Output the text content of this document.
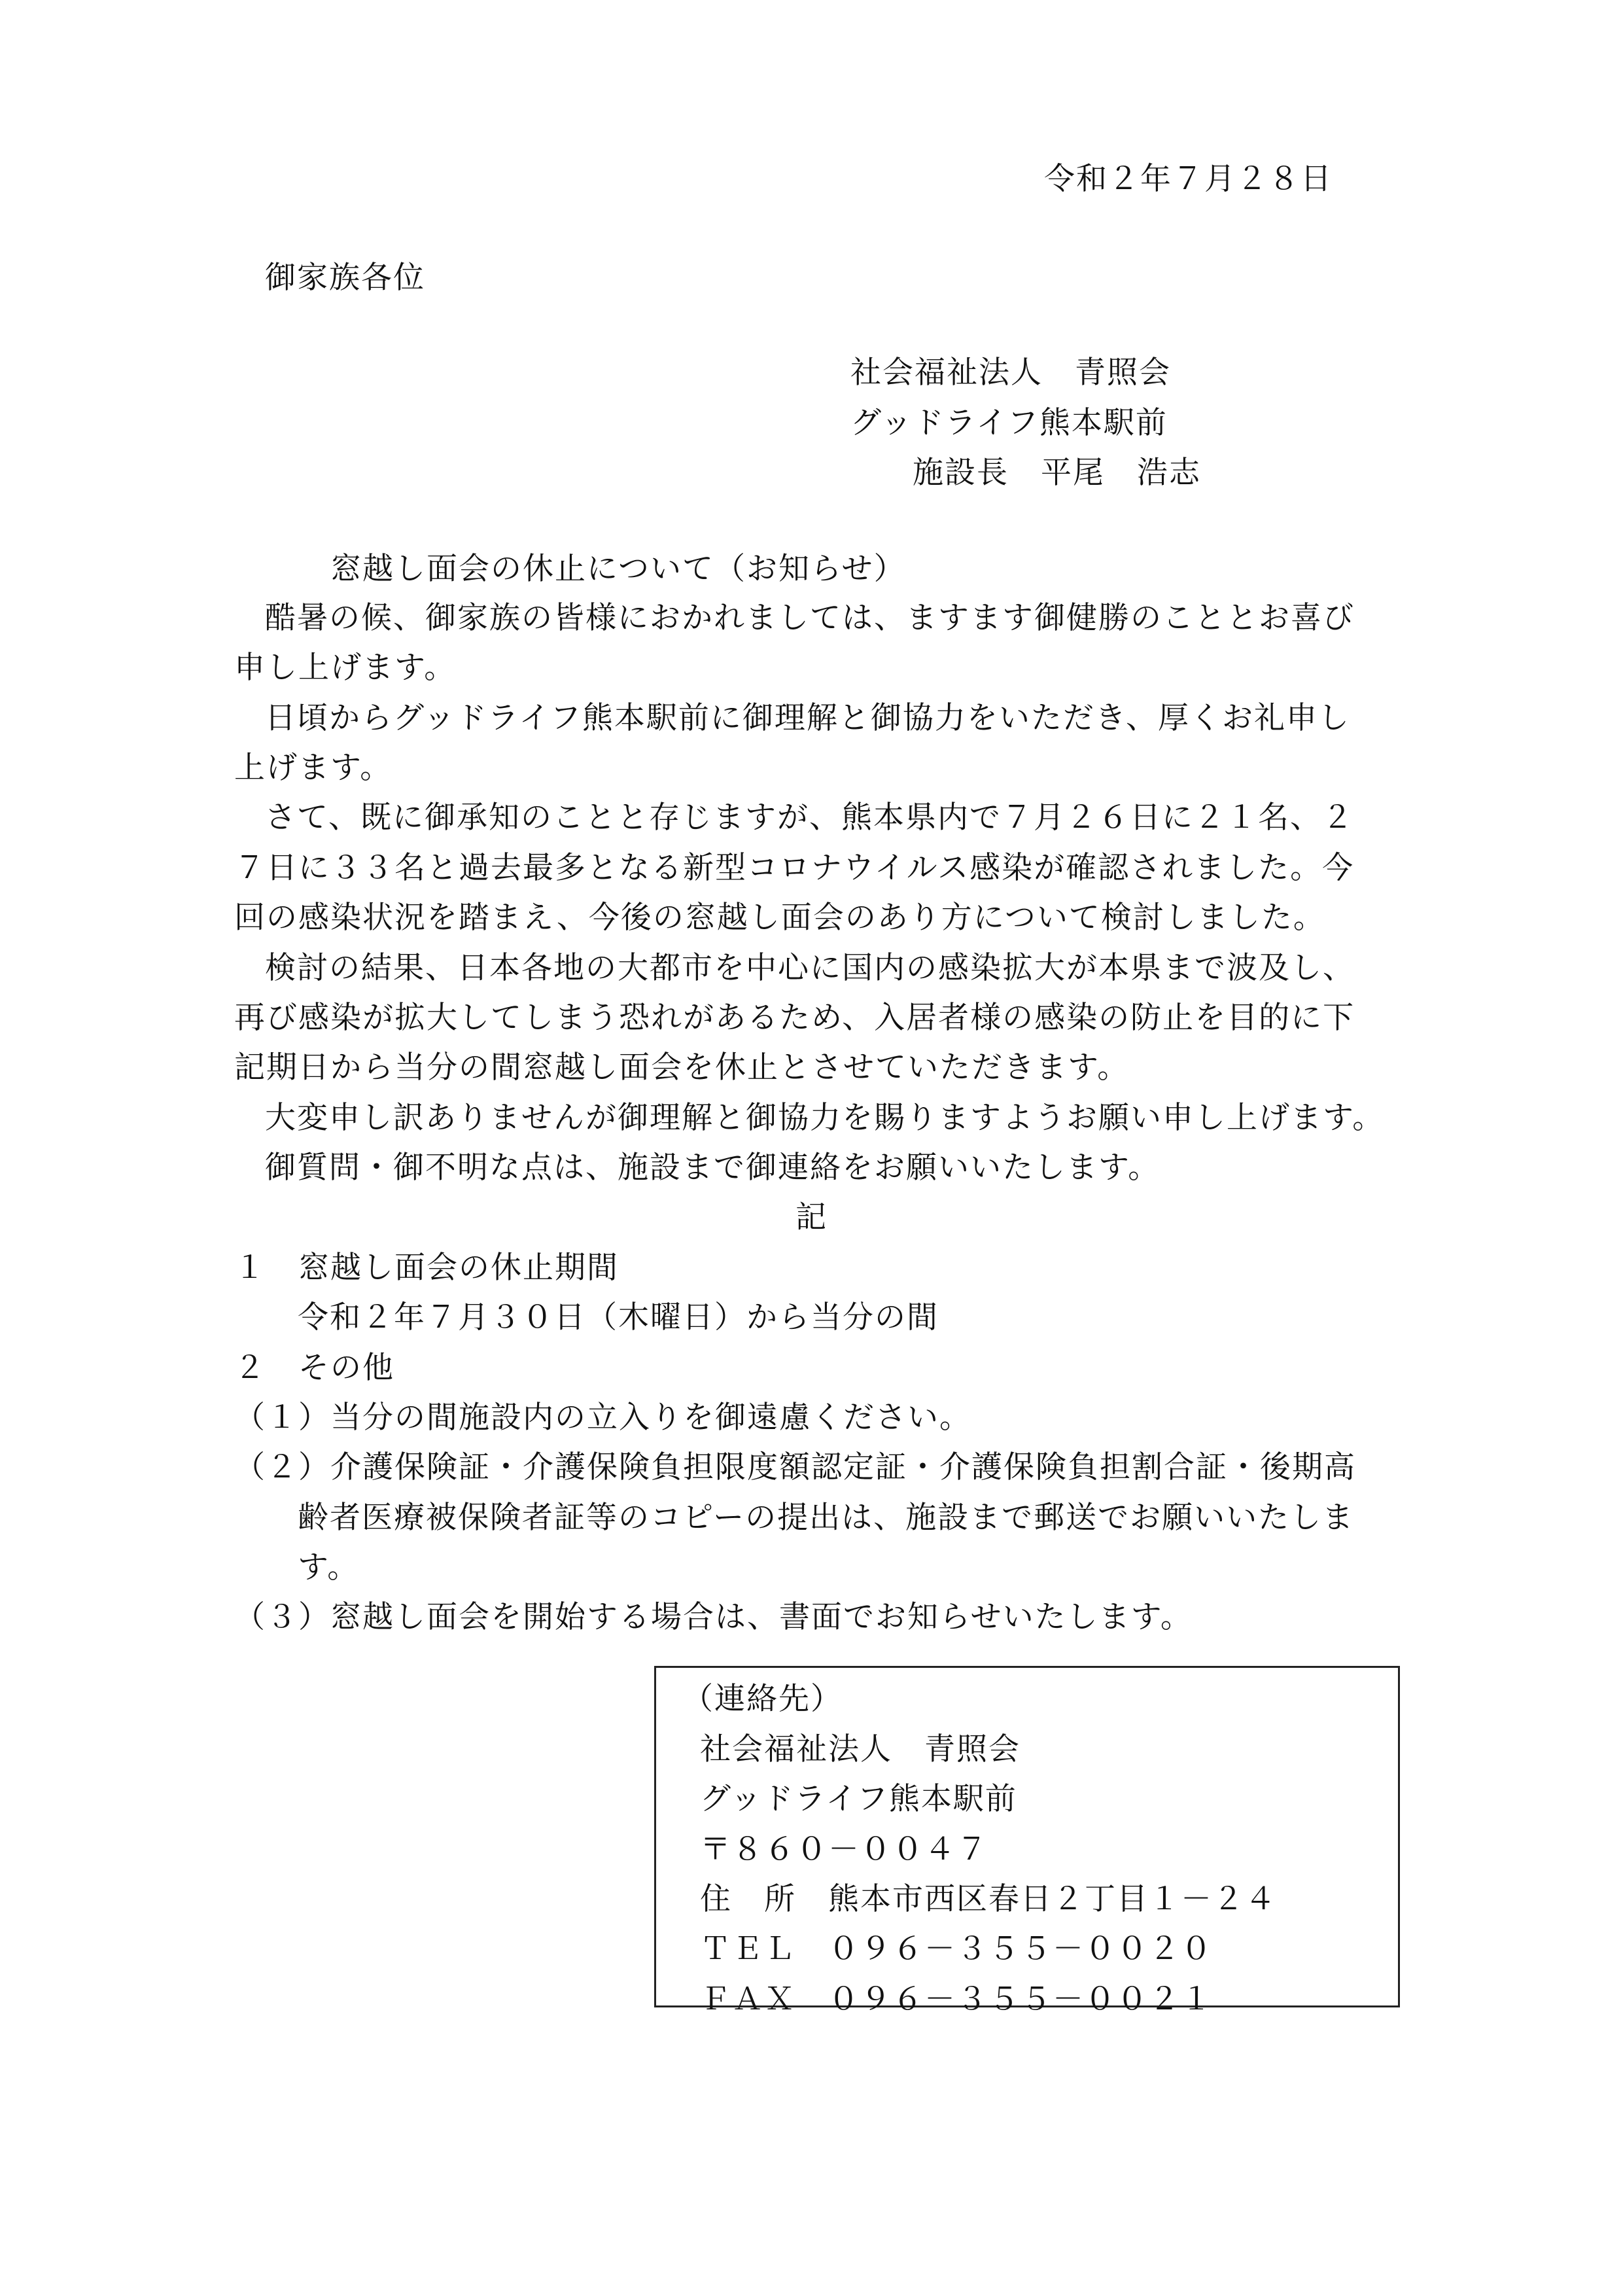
令和２年７月２８日
御家族各位
社会福祉法人　青照会
グッドライフ熊本駅前
施設長　平尾　浩志
窓越し面会の休止について（お知らせ）
酷暑の候、御家族の皆様におかれましては、ますます御健勝のこととお喜び
申し上げます。
日頃からグッドライフ熊本駅前に御理解と御協力をいただき、厚くお礼申し
上げます。
さて、既に御承知のことと存じますが、熊本県内で７月２６日に２１名、２
７日に３３名と過去最多となる新型コロナウイルス感染が確認されました。今
回の感染状況を踏まえ、今後の窓越し面会のあり方について検討しました。
検討の結果、日本各地の大都市を中心に国内の感染拡大が本県まで波及し、
再び感染が拡大してしまう恐れがあるため、入居者様の感染の防止を目的に下
記期日から当分の間窓越し面会を休止とさせていただきます。
大変申し訳ありませんが御理解と御協力を賜りますようお願い申し上げます。
御質問・御不明な点は、施設まで御連絡をお願いいたします。
記
１　窓越し面会の休止期間
令和２年７月３０日（木曜日）から当分の間
２　その他
（１）当分の間施設内の立入りを御遠慮ください。
（２）介護保険証・介護保険負担限度額認定証・介護保険負担割合証・後期高
齢者医療被保険者証等のコピーの提出は、施設まで郵送でお願いいたしま
す。
（３）窓越し面会を開始する場合は、書面でお知らせいたします。
（連絡先）
社会福祉法人　青照会
グッドライフ熊本駅前
〒８６０－００４７
住　所　熊本市西区春日２丁目１－２４
ＴＥＬ　０９６－３５５－００２０
ＦＡＸ　０９６－３５５－００２１
